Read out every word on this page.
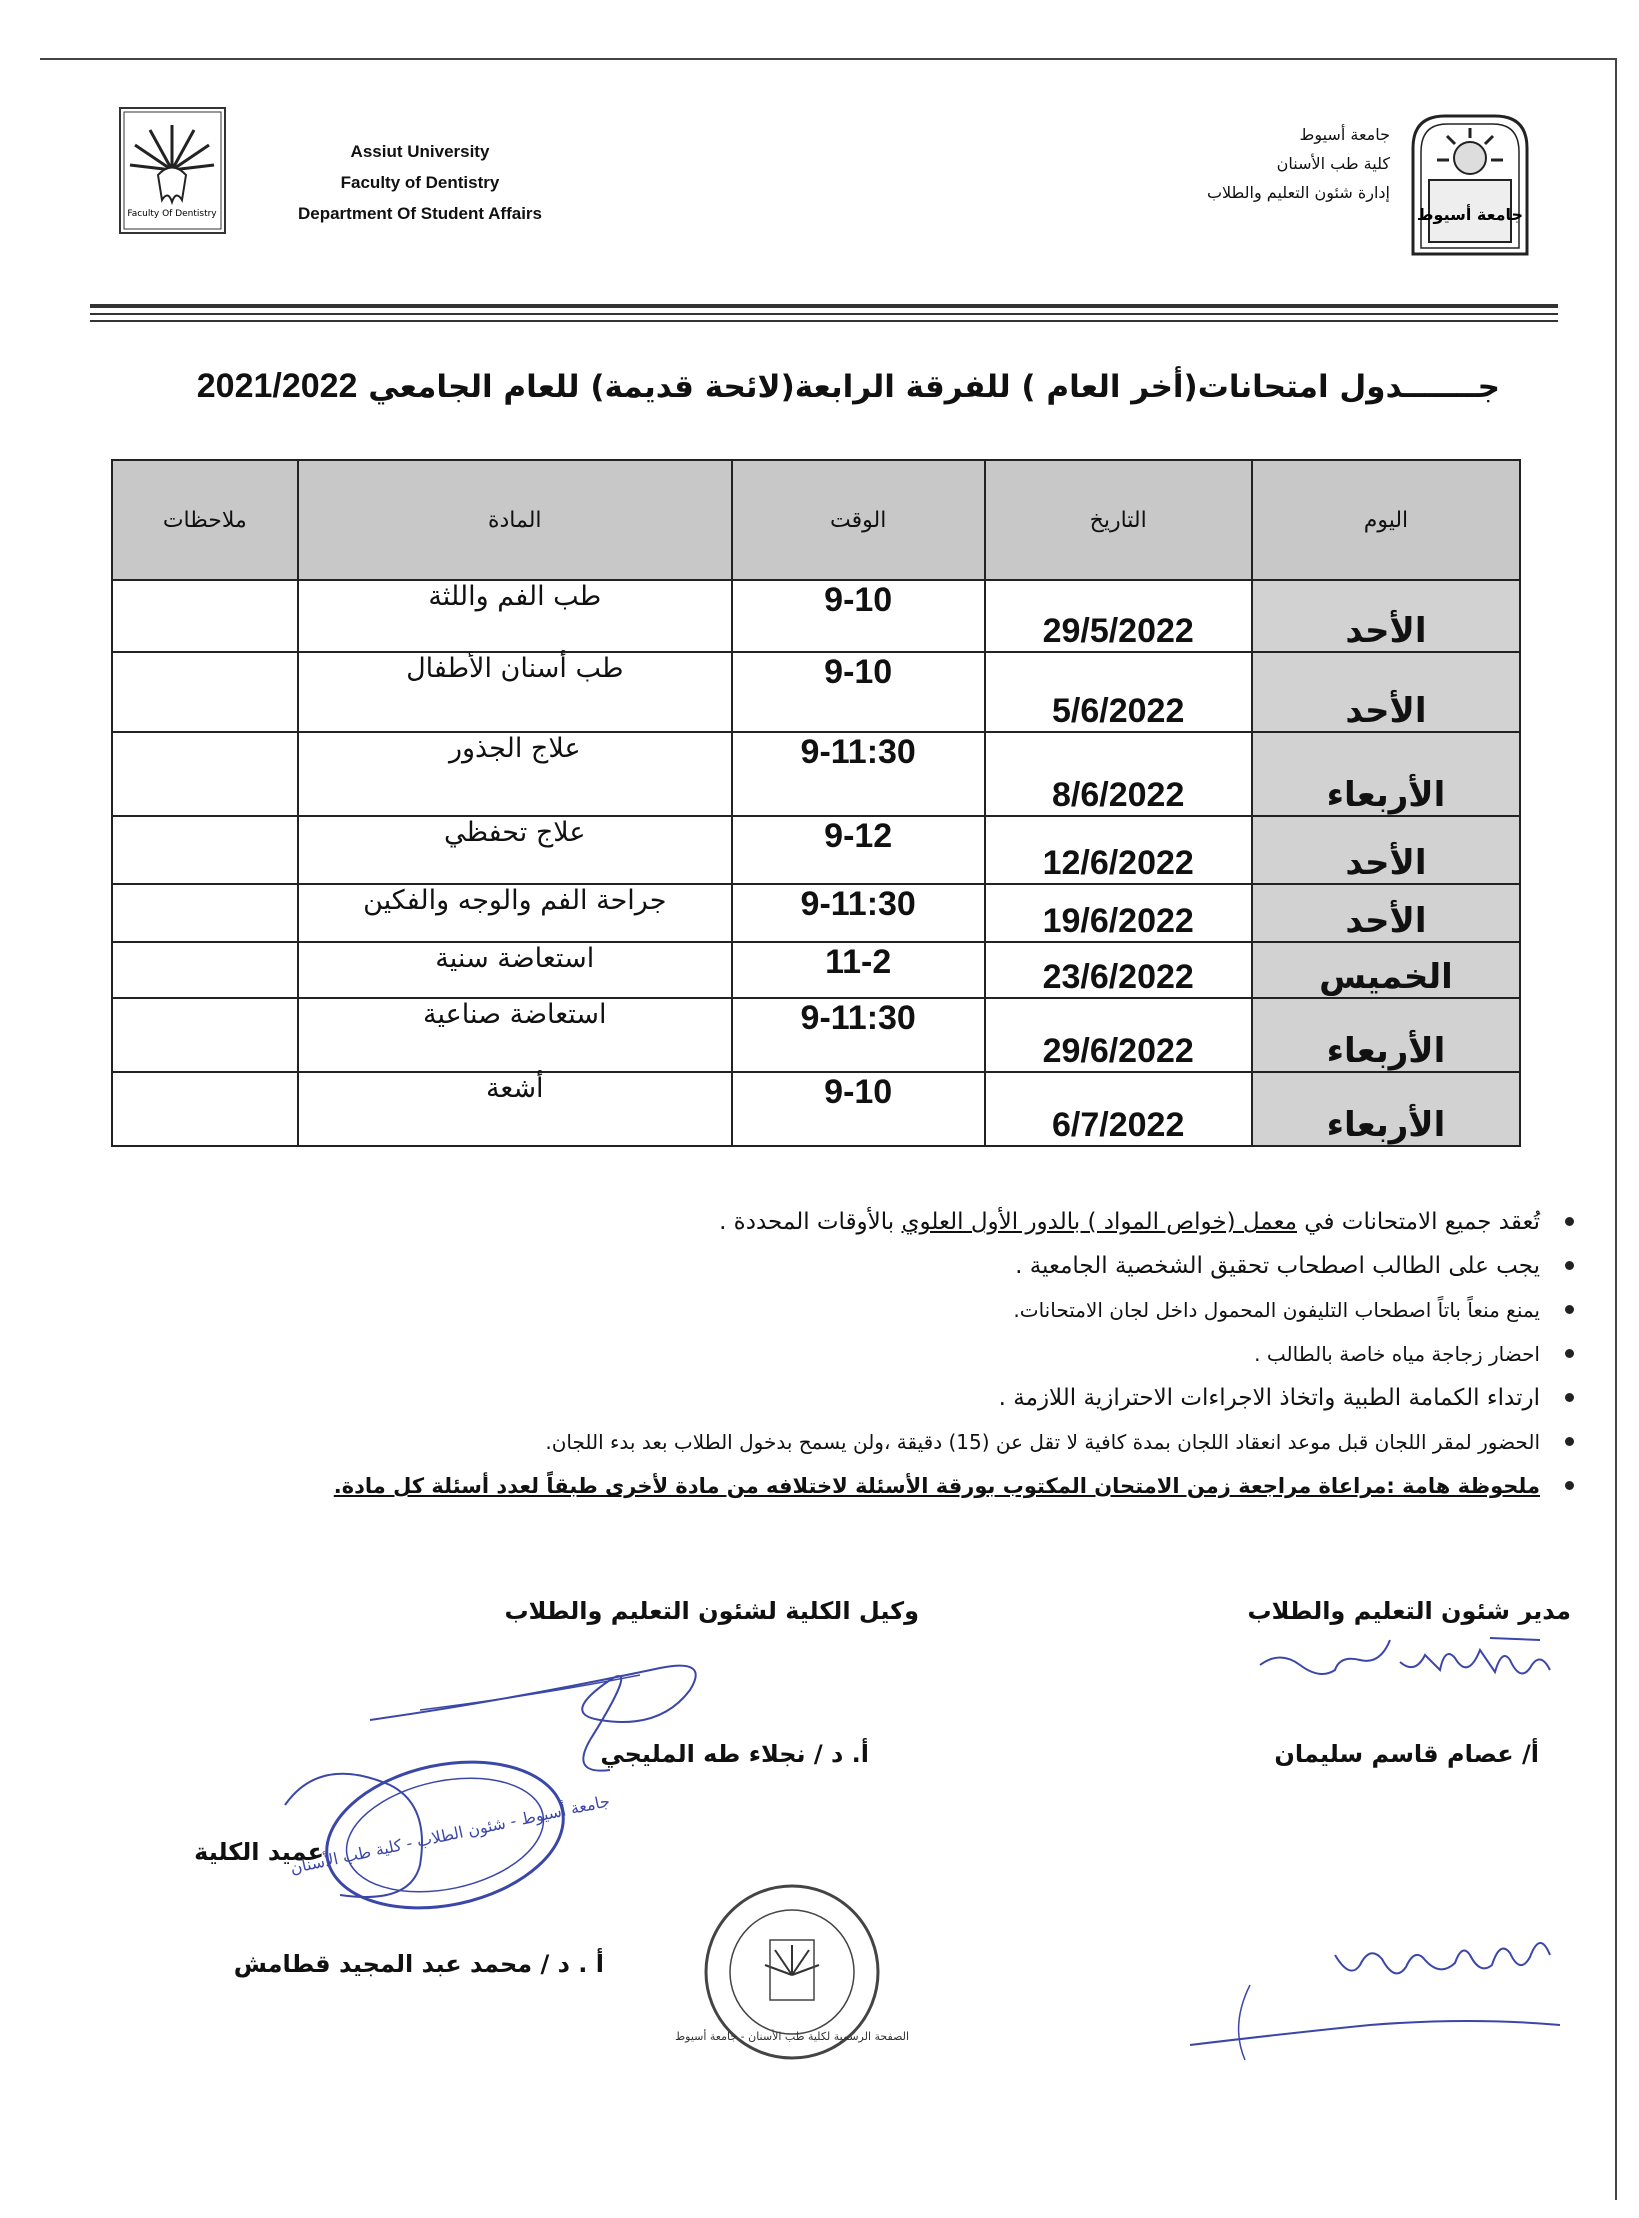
Faculty Of Dentistry
Assiut University
Faculty of Dentistry
Department Of Student Affairs
جامعة أسيوط
كلية طب الأسنان
إدارة شئون التعليم والطلاب
جامعة أسيوط
جـــــــدول امتحانات(أخر العام ) للفرقة الرابعة(لائحة قديمة) للعام الجامعي 2021/2022
اليوم	التاريخ	الوقت	المادة	ملاحظات
الأحد	29/5/2022	9-10	طب الفم واللثة	
الأحد	5/6/2022	9-10	طب أسنان الأطفال	
الأربعاء	8/6/2022	9-11:30	علاج الجذور	
الأحد	12/6/2022	9-12	علاج تحفظي	
الأحد	19/6/2022	9-11:30	جراحة الفم والوجه والفكين	
الخميس	23/6/2022	11-2	استعاضة سنية	
الأربعاء	29/6/2022	9-11:30	استعاضة صناعية	
الأربعاء	6/7/2022	9-10	أشعة	
تُعقد جميع الامتحانات في معمل (خواص المواد ) بالدور الأول العلوي بالأوقات المحددة .
يجب على الطالب اصطحاب تحقيق الشخصية الجامعية .
يمنع منعاً باتاً اصطحاب التليفون المحمول داخل لجان الامتحانات.
احضار زجاجة مياه خاصة بالطالب .
ارتداء الكمامة الطبية واتخاذ الاجراءات الاحترازية اللازمة .
الحضور لمقر اللجان قبل موعد انعقاد اللجان بمدة كافية لا تقل عن (15) دقيقة ،ولن يسمح بدخول الطلاب بعد بدء اللجان.
ملحوظة هامة :مراعاة مراجعة زمن الامتحان المكتوب بورقة الأسئلة لاختلافه من مادة لأخرى طبقاً لعدد أسئلة كل مادة.
مدير شئون التعليم والطلاب
أ/ عصام قاسم سليمان
وكيل الكلية لشئون التعليم والطلاب
أ. د / نجلاء طه المليجي
عميد الكلية
أ . د / محمد عبد المجيد قطامش
جامعة أسيوط - شئون الطلاب - كلية طب الأسنان
الصفحة الرسمية لكلية طب الأسنان - جامعة أسيوط
